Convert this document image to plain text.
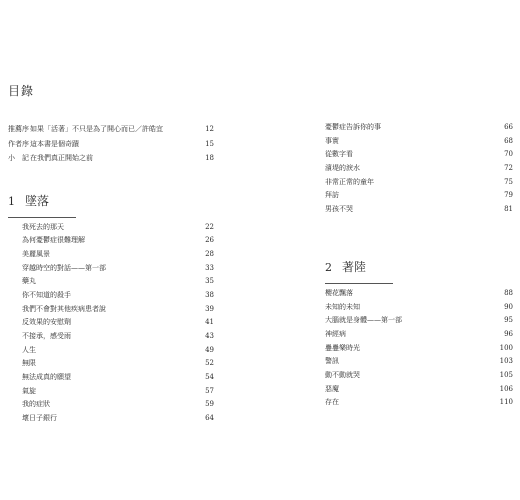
目錄
推薦序 如果「活著」不只是為了開心而已／許皓宜	12
作者序 這本書是個奇蹟	15
小　記 在我們真正開始之前	18
1 墜落
我死去的那天	22
為何憂鬱症很難理解	26
美麗風景	28
穿越時空的對話——第一部	33
藥丸	35
你不知道的殺手	38
我們不會對其他疾病患者說	39
反效果的安慰劑	41
不接承，感受雨	43
人生	49
無限	52
無法成真的願望	54
氣旋	57
我的症狀	59
壞日子銀行	64
憂鬱症告訴你的事	66
事實	68
從數字看	70
濱堤的淚水	72
非常正常的童年	75
拜訪	79
男孩不哭	81
2 著陸
櫻花飄落	88
未知的未知	90
大腦就是身體——第一部	95
神經病	96
疊疊樂時光	100
警訊	103
動不動就哭	105
惡魔	106
存在	110
